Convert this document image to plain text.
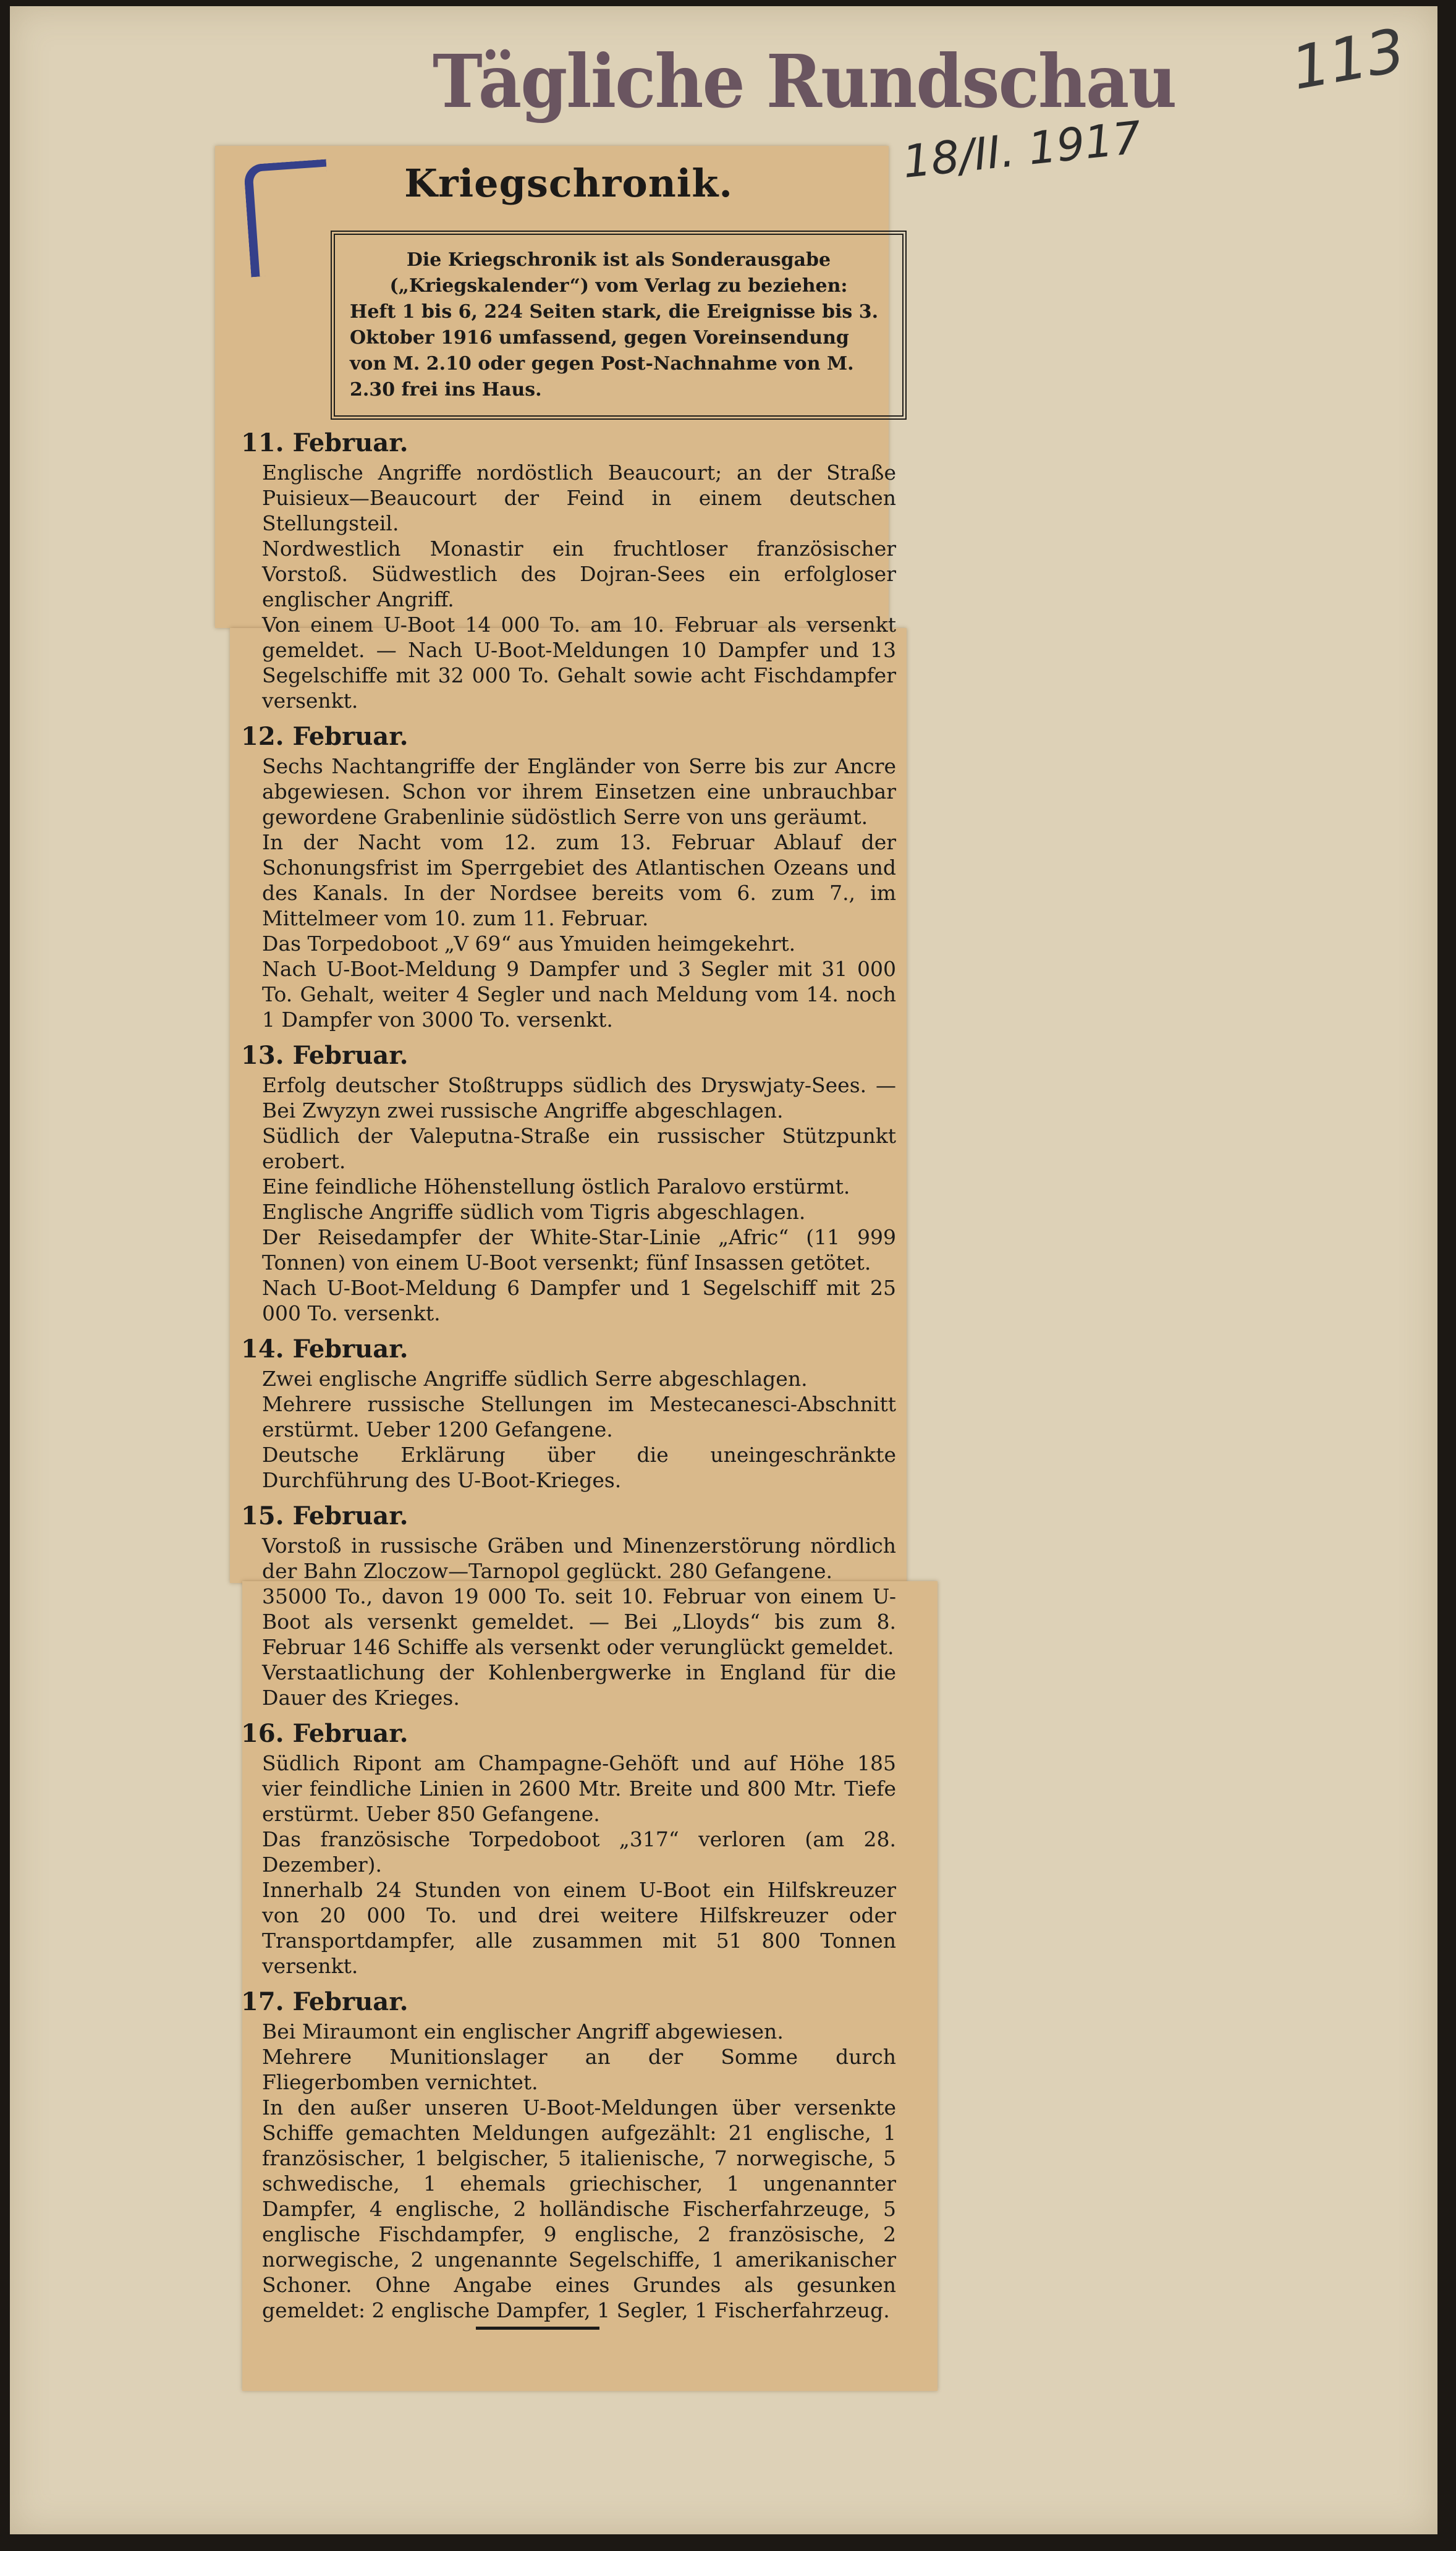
Tägliche Rundschau
18/II. 1917
113
Kriegschronik.
Die Kriegschronik ist als Sonderausgabe („Kriegskalender“) vom Verlag zu beziehen:
Heft 1 bis 6, 224 Seiten stark, die Ereignisse bis 3. Oktober 1916 umfassend, gegen Voreinsendung von M. 2.10 oder gegen Post-Nachnahme von M. 2.30 frei ins Haus.
11. Februar.

Englische Angriffe nordöstlich Beaucourt; an der Straße Puisieux—Beaucourt der Feind in einem deutschen Stellungsteil.

Nordwestlich Monastir ein fruchtloser französischer Vorstoß. Südwestlich des Dojran-Sees ein erfolgloser englischer Angriff.

Von einem U-Boot 14 000 To. am 10. Februar als versenkt gemeldet. — Nach U-Boot-Meldungen 10 Dampfer und 13 Segelschiffe mit 32 000 To. Gehalt sowie acht Fischdampfer versenkt.

12. Februar.

Sechs Nachtangriffe der Engländer von Serre bis zur Ancre abgewiesen. Schon vor ihrem Einsetzen eine unbrauchbar gewordene Grabenlinie südöstlich Serre von uns geräumt.

In der Nacht vom 12. zum 13. Februar Ablauf der Schonungsfrist im Sperrgebiet des Atlantischen Ozeans und des Kanals. In der Nordsee bereits vom 6. zum 7., im Mittelmeer vom 10. zum 11. Februar.

Das Torpedoboot „V 69“ aus Ymuiden heimgekehrt.

Nach U-Boot-Meldung 9 Dampfer und 3 Segler mit 31 000 To. Gehalt, weiter 4 Segler und nach Meldung vom 14. noch 1 Dampfer von 3000 To. versenkt.

13. Februar.

Erfolg deutscher Stoßtrupps südlich des Dryswjaty-Sees. — Bei Zwyzyn zwei russische Angriffe abgeschlagen.

Südlich der Valeputna-Straße ein russischer Stützpunkt erobert.

Eine feindliche Höhenstellung östlich Paralovo erstürmt.

Englische Angriffe südlich vom Tigris abgeschlagen.

Der Reisedampfer der White-Star-Linie „Afric“ (11 999 Tonnen) von einem U-Boot versenkt; fünf Insassen getötet.

Nach U-Boot-Meldung 6 Dampfer und 1 Segelschiff mit 25 000 To. versenkt.

14. Februar.

Zwei englische Angriffe südlich Serre abgeschlagen.

Mehrere russische Stellungen im Mestecanesci-Abschnitt erstürmt. Ueber 1200 Gefangene.

Deutsche Erklärung über die uneingeschränkte Durchführung des U-Boot-Krieges.

15. Februar.

Vorstoß in russische Gräben und Minenzerstörung nördlich der Bahn Zloczow—Tarnopol geglückt. 280 Gefangene.

35000 To., davon 19 000 To. seit 10. Februar von einem U-Boot als versenkt gemeldet. — Bei „Lloyds“ bis zum 8. Februar 146 Schiffe als versenkt oder verunglückt gemeldet.

Verstaatlichung der Kohlenbergwerke in England für die Dauer des Krieges.

16. Februar.

Südlich Ripont am Champagne-Gehöft und auf Höhe 185 vier feindliche Linien in 2600 Mtr. Breite und 800 Mtr. Tiefe erstürmt. Ueber 850 Gefangene.

Das französische Torpedoboot „317“ verloren (am 28. Dezember).

Innerhalb 24 Stunden von einem U-Boot ein Hilfskreuzer von 20 000 To. und drei weitere Hilfskreuzer oder Transportdampfer, alle zusammen mit 51 800 Tonnen versenkt.

17. Februar.

Bei Miraumont ein englischer Angriff abgewiesen.

Mehrere Munitionslager an der Somme durch Fliegerbomben vernichtet.

In den außer unseren U-Boot-Meldungen über versenkte Schiffe gemachten Meldungen aufgezählt: 21 englische, 1 französischer, 1 belgischer, 5 italienische, 7 norwegische, 5 schwedische, 1 ehemals griechischer, 1 ungenannter Dampfer, 4 englische, 2 holländische Fischerfahrzeuge, 5 englische Fischdampfer, 9 englische, 2 französische, 2 norwegische, 2 ungenannte Segelschiffe, 1 amerikanischer Schoner. Ohne Angabe eines Grundes als gesunken gemeldet: 2 englische Dampfer, 1 Segler, 1 Fischerfahrzeug.
